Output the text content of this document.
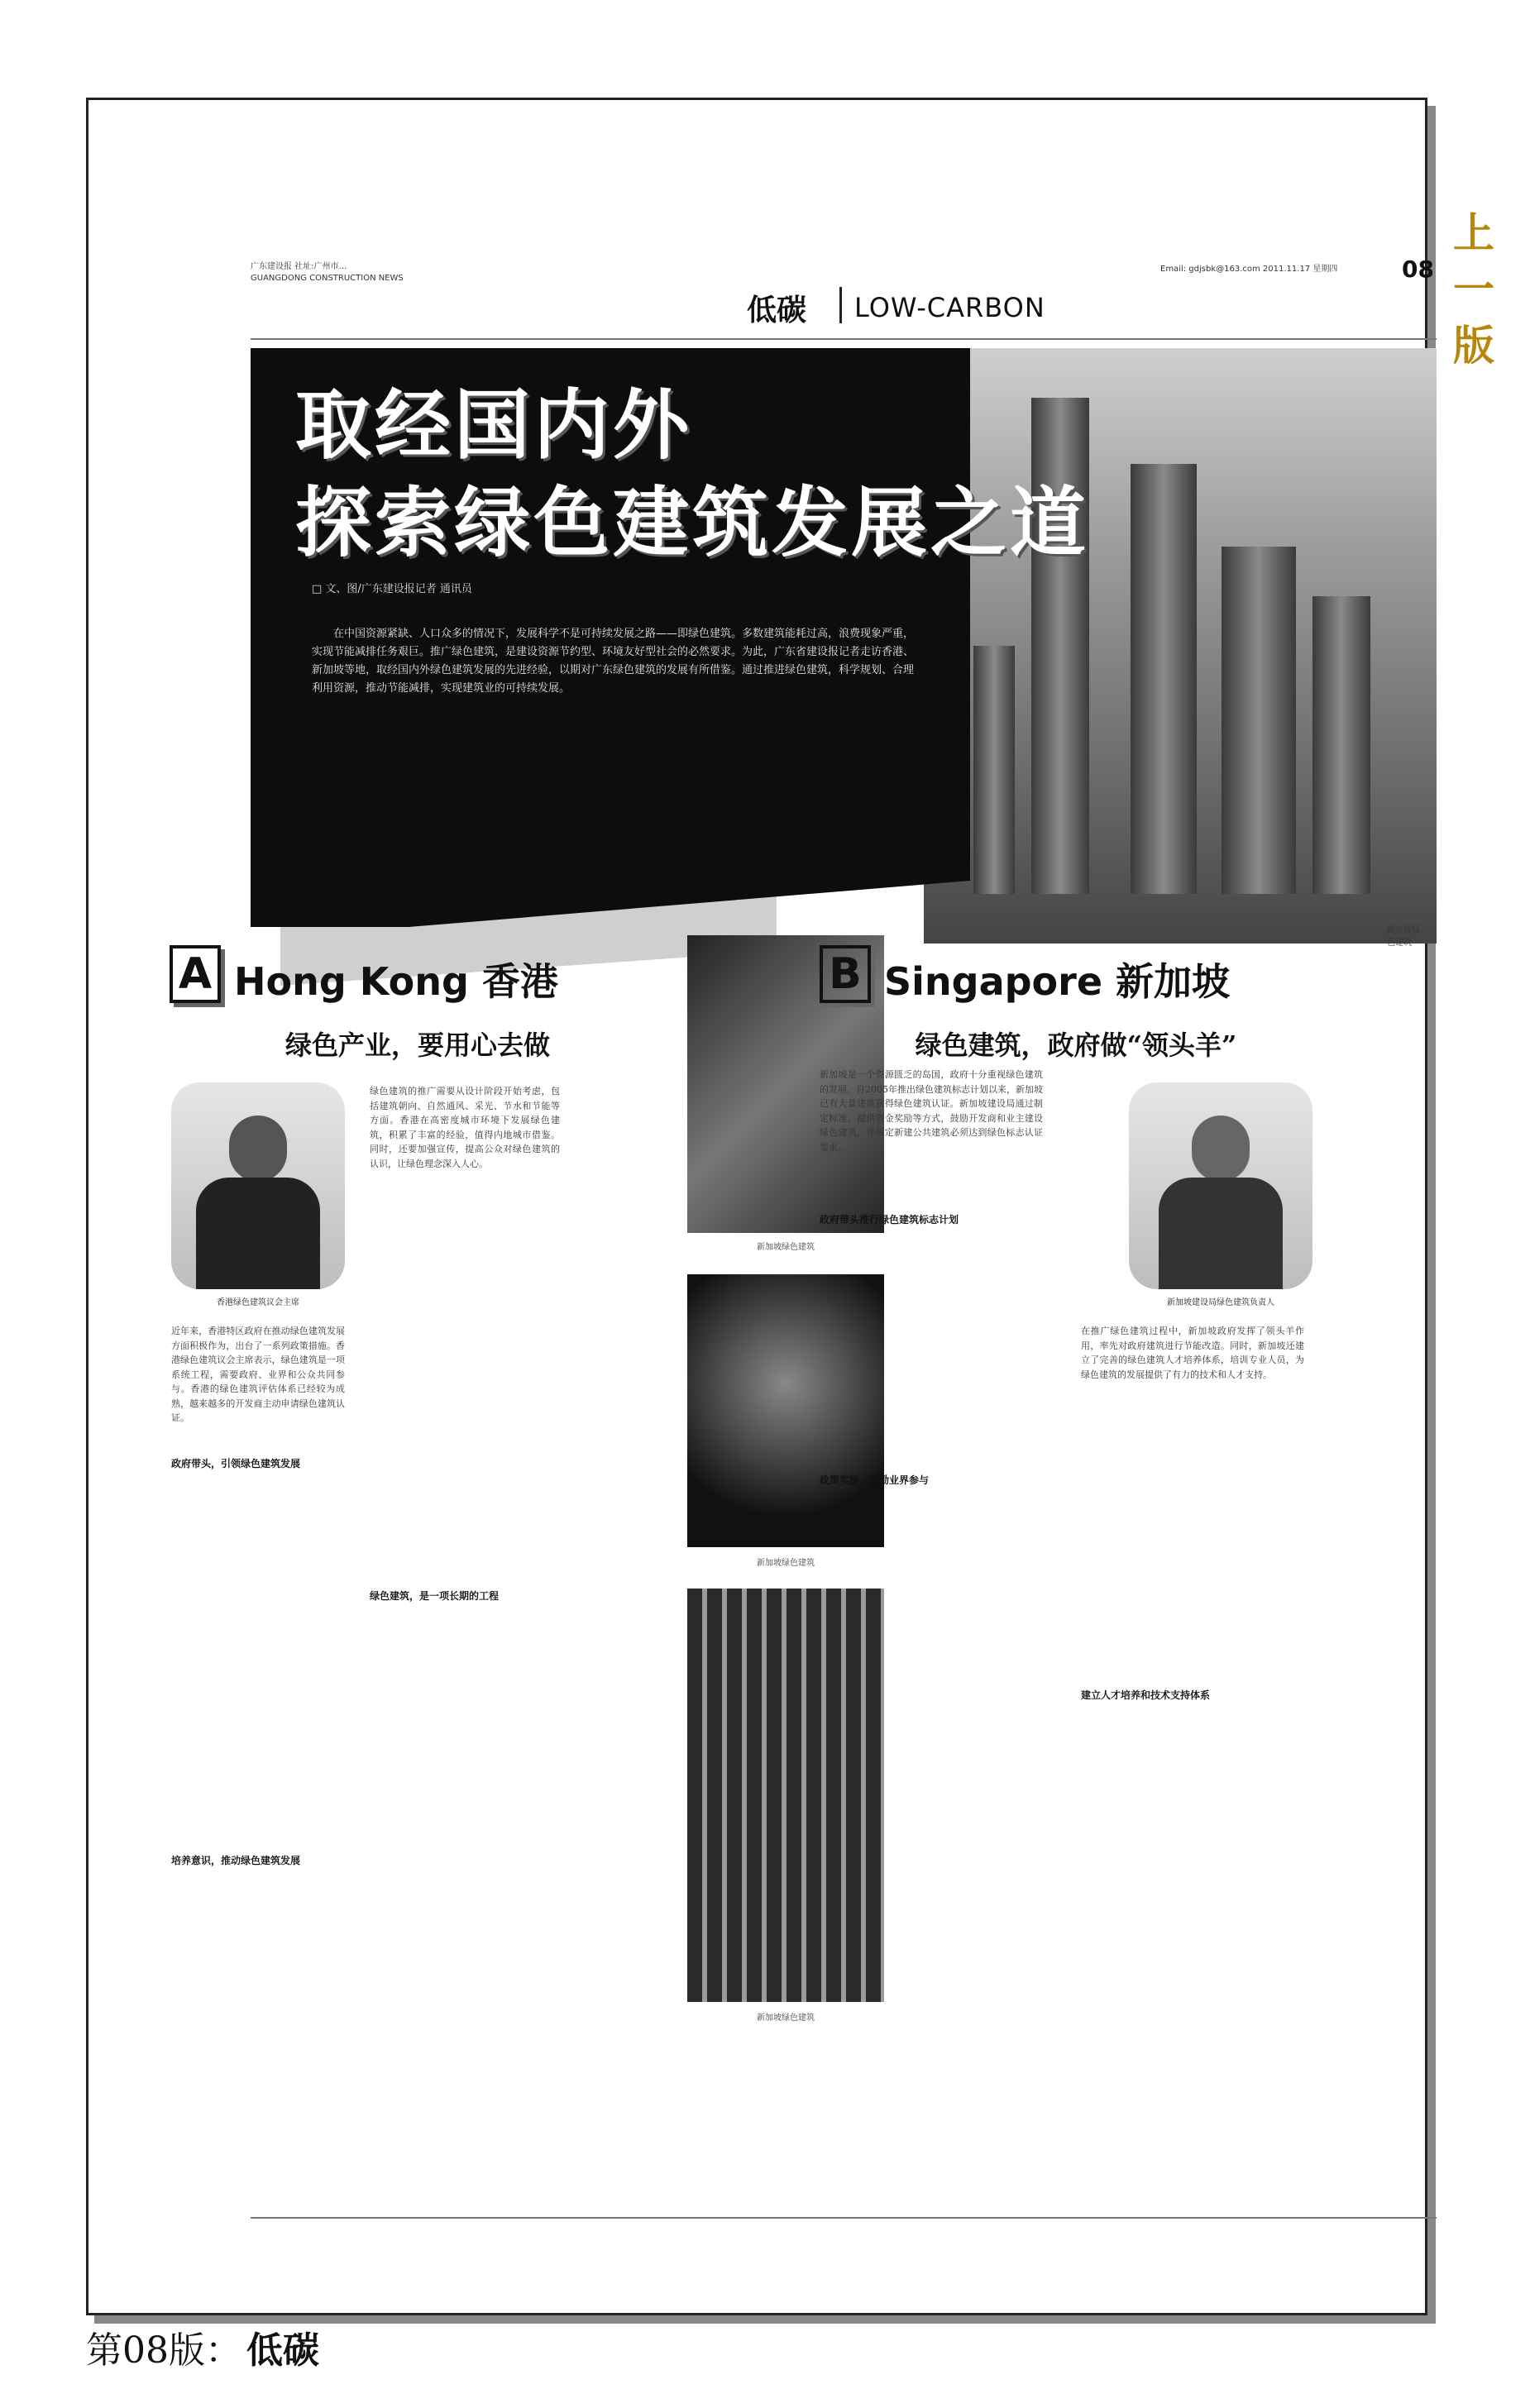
广东建设报 社址:广州市…
GUANGDONG CONSTRUCTION NEWS
Email: gdjsbk@163.com 2011.11.17 星期四	08
低碳 LOW-CARBON
取经国内外
探索绿色建筑发展之道
□ 文、图/广东建设报记者 通讯员

在中国资源紧缺、人口众多的情况下，发展科学不是可持续发展之路——即绿色建筑。多数建筑能耗过高，浪费现象严重，实现节能减排任务艰巨。推广绿色建筑，是建设资源节约型、环境友好型社会的必然要求。为此，广东省建设报记者走访香港、新加坡等地，取经国内外绿色建筑发展的先进经验，以期对广东绿色建筑的发展有所借鉴。通过推进绿色建筑，科学规划、合理利用资源，推动节能减排，实现建筑业的可持续发展。

新加坡绿色建筑
新加坡绿色建筑
新加坡绿色建筑
新加坡绿色建筑
A Hong Kong 香港
绿色产业，要用心去做
香港绿色建筑议会主席

近年来，香港特区政府在推动绿色建筑发展方面积极作为，出台了一系列政策措施。香港绿色建筑议会主席表示，绿色建筑是一项系统工程，需要政府、业界和公众共同参与。香港的绿色建筑评估体系已经较为成熟，越来越多的开发商主动申请绿色建筑认证。

政府带头，引领绿色建筑发展
绿色建筑，是一项长期的工程
培养意识，推动绿色建筑发展

绿色建筑的推广需要从设计阶段开始考虑，包括建筑朝向、自然通风、采光、节水和节能等方面。香港在高密度城市环境下发展绿色建筑，积累了丰富的经验，值得内地城市借鉴。同时，还要加强宣传，提高公众对绿色建筑的认识，让绿色理念深入人心。

B Singapore 新加坡
绿色建筑，政府做“领头羊”

新加坡是一个资源匮乏的岛国，政府十分重视绿色建筑的发展。自2005年推出绿色建筑标志计划以来，新加坡已有大量建筑获得绿色建筑认证。新加坡建设局通过制定标准、提供资金奖励等方式，鼓励开发商和业主建设绿色建筑，并规定新建公共建筑必须达到绿色标志认证要求。

新加坡建设局绿色建筑负责人
政府带头推行绿色建筑标志计划
政策奖励，鼓励业界参与
建立人才培养和技术支持体系

在推广绿色建筑过程中，新加坡政府发挥了领头羊作用，率先对政府建筑进行节能改造。同时，新加坡还建立了完善的绿色建筑人才培养体系，培训专业人员，为绿色建筑的发展提供了有力的技术和人才支持。

上一版
第08版： 低碳
